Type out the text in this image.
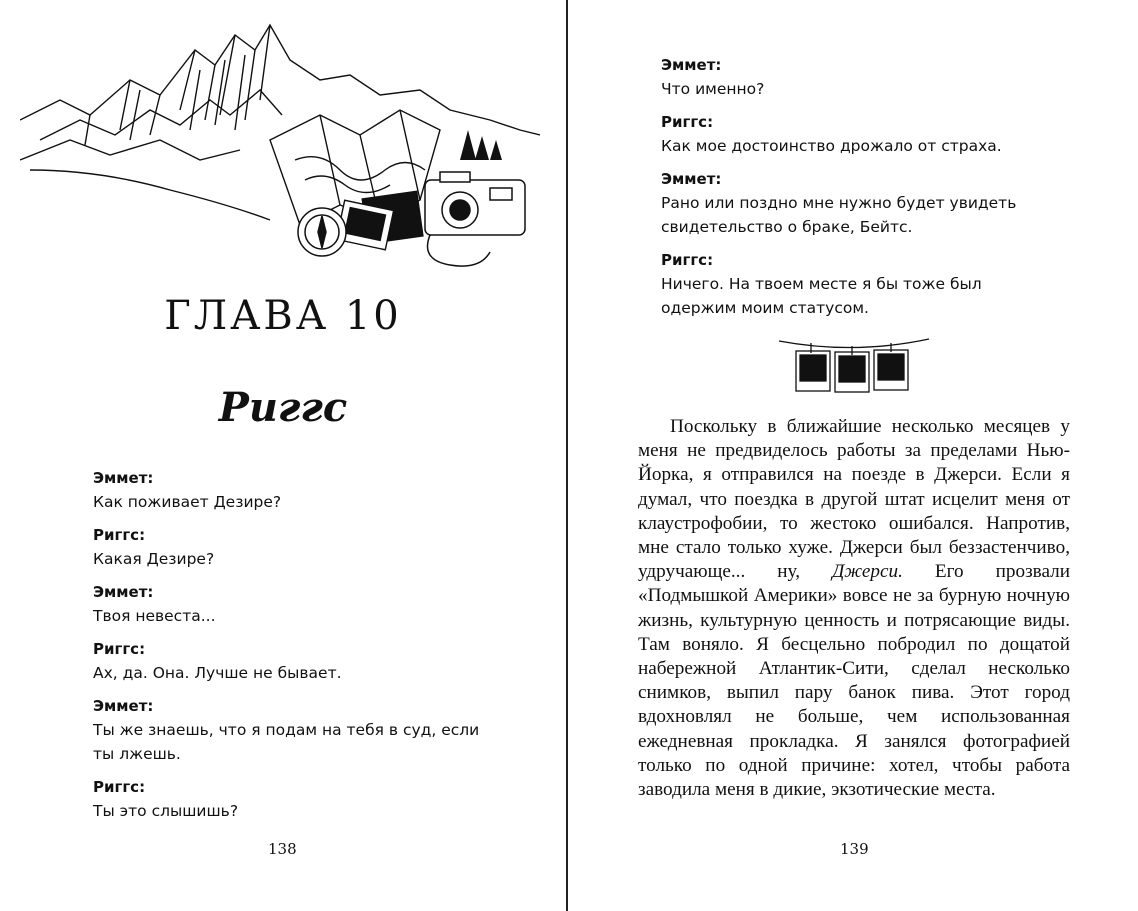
ГЛАВА 10
Риггс
Эммет:
Как поживает Дезире?
Риггс:
Какая Дезире?
Эммет:
Твоя невеста...
Риггс:
Ах, да. Она. Лучше не бывает.
Эммет:
Ты же знаешь, что я подам на тебя в суд, если ты лжешь.
Риггс:
Ты это слышишь?
138
Эммет:
Что именно?
Риггс:
Как мое достоинство дрожало от страха.
Эммет:
Рано или поздно мне нужно будет увидеть свидетельство о браке, Бейтс.
Риггс:
Ничего. На твоем месте я бы тоже был одержим моим статусом.

Поскольку в ближайшие несколько месяцев у меня не предвиделось работы за пределами Нью-Йорка, я отправился на поезде в Джерси. Если я думал, что поездка в другой штат исцелит меня от клаустрофобии, то жестоко ошибался. Напротив, мне стало только хуже. Джерси был беззастенчиво, удручающе... ну, Джерси. Его прозвали «Подмышкой Америки» вовсе не за бурную ночную жизнь, культурную ценность и потрясающие виды. Там воняло. Я бесцельно побродил по дощатой набережной Атлантик-Сити, сделал несколько снимков, выпил пару банок пива. Этот город вдохновлял не больше, чем использованная ежедневная прокладка. Я занялся фотографией только по одной причине: хотел, чтобы работа заводила меня в дикие, экзотические места.

139
